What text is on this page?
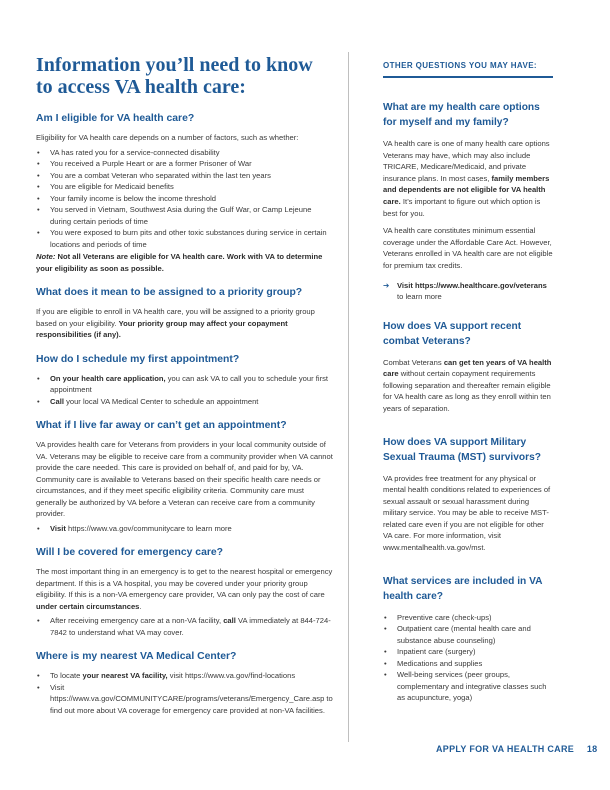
Information you’ll need to know
to access VA health care:
Am I eligible for VA health care?

Eligibility for VA health care depends on a number of factors, such as whether:

• VA has rated you for a service-connected disability
• You received a Purple Heart or are a former Prisoner of War
• You are a combat Veteran who separated within the last ten years
• You are eligible for Medicaid benefits
• Your family income is below the income threshold
• You served in Vietnam, Southwest Asia during the Gulf War, or Camp Lejeune during certain periods of time
• You were exposed to burn pits and other toxic substances during service in certain locations and periods of time

Note: Not all Veterans are eligible for VA health care. Work with VA to determine your eligibility as soon as possible.

What does it mean to be assigned to a priority group?

If you are eligible to enroll in VA health care, you will be assigned to a priority group based on your eligibility. Your priority group may affect your copayment responsibilities (if any).

How do I schedule my first appointment?
• On your health care application, you can ask VA to call you to schedule your first appointment
• Call your local VA Medical Center to schedule an appointment
What if I live far away or can’t get an appointment?

VA provides health care for Veterans from providers in your local community outside of VA. Veterans may be eligible to receive care from a community provider when VA cannot provide the care needed. This care is provided on behalf of, and paid for by, VA. Community care is available to Veterans based on their specific health care needs or circumstances, and if they meet specific eligibility criteria. Community care must generally be authorized by VA before a Veteran can receive care from a community provider.

• Visit https://www.va.gov/communitycare to learn more
Will I be covered for emergency care?

The most important thing in an emergency is to get to the nearest hospital or emergency department. If this is a VA hospital, you may be covered under your priority group eligibility. If this is a non-VA emergency care provider, VA can only pay the cost of care under certain circumstances.

• After receiving emergency care at a non-VA facility, call VA immediately at 844-724-7842 to understand what VA may cover.
Where is my nearest VA Medical Center?
• To locate your nearest VA facility, visit https://www.va.gov/find-locations
• Visit https://www.va.gov/COMMUNITYCARE/programs/veterans/Emergency_Care.asp to find out more about VA coverage for emergency care provided at non-VA facilities.
OTHER QUESTIONS YOU MAY HAVE:
What are my health care options for myself and my family?

VA health care is one of many health care options Veterans may have, which may also include TRICARE, Medicare/Medicaid, and private insurance plans. In most cases, family members and dependents are not eligible for VA health care. It’s important to figure out which option is best for you.

VA health care constitutes minimum essential coverage under the Affordable Care Act. However, Veterans enrolled in VA health care are not eligible for premium tax credits.

➔ Visit https://www.healthcare.gov/veterans to learn more
How does VA support recent combat Veterans?

Combat Veterans can get ten years of VA health care without certain copayment requirements following separation and thereafter remain eligible for VA health care as long as they enroll within ten years of separation.

How does VA support Military Sexual Trauma (MST) survivors?

VA provides free treatment for any physical or mental health conditions related to experiences of sexual assault or sexual harassment during military service. You may be able to receive MST-related care even if you are not eligible for other VA care. For more information, visit www.mentalhealth.va.gov/mst.

What services are included in VA health care?
• Preventive care (check-ups)
• Outpatient care (mental health care and substance abuse counseling)
• Inpatient care (surgery)
• Medications and supplies
• Well-being services (peer groups, complementary and integrative classes such as acupuncture, yoga)
APPLY FOR VA HEALTH CARE 18
